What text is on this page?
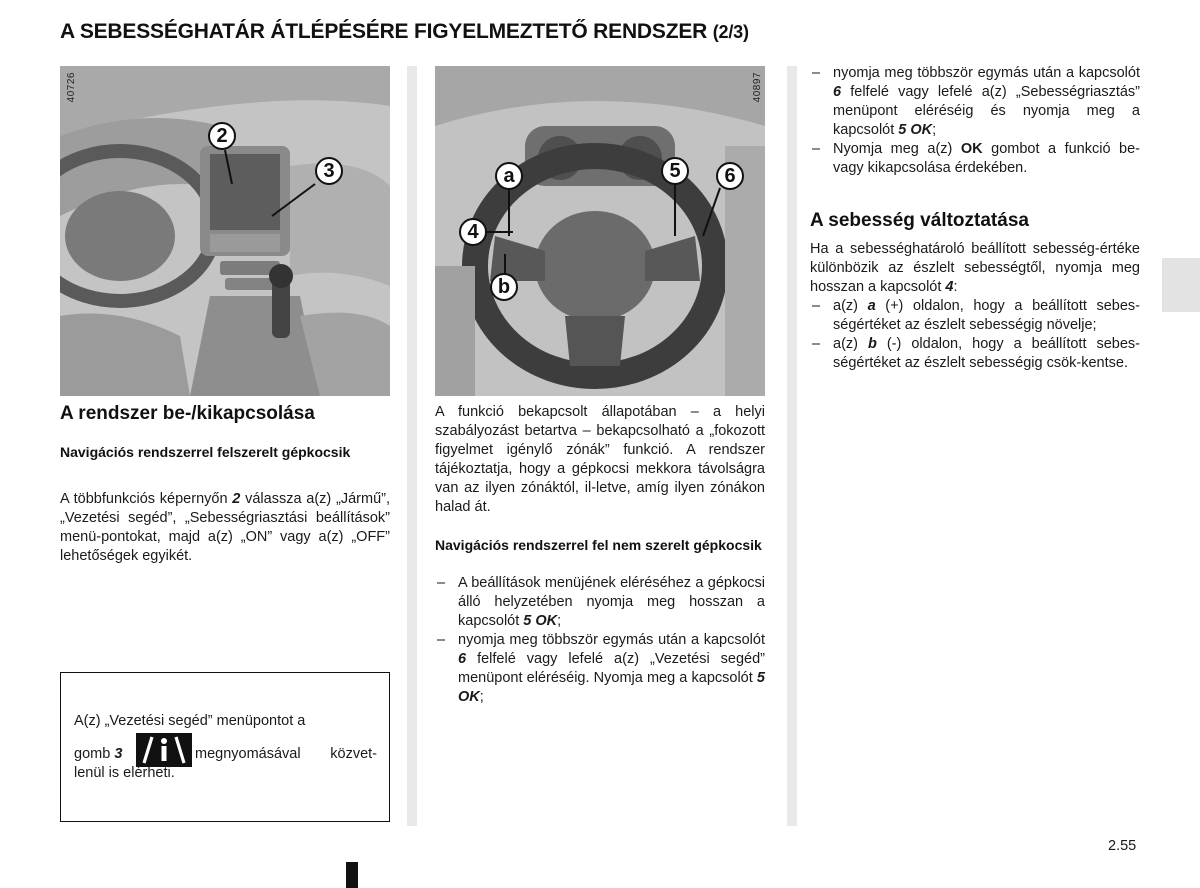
A SEBESSÉGHATÁR ÁTLÉPÉSÉRE FIGYELMEZTETŐ RENDSZER (2/3)
40726
2
3
40897
a
4
b
5	6
A rendszer be-/kikapcsolása
Navigációs rendszerrel felszerelt gépkocsik
A többfunkciós képernyőn 2 válassza a(z) „Jármű”, „Vezetési segéd”, „Sebességriasztási beállítások” menü-pontokat, majd a(z) „ON” vagy a(z) „OFF” lehetőségek egyikét.
A(z) „Vezetési segéd” menüpontot a
gomb 3	megnyomásával közvet-lenül is elérheti.
A funkció bekapcsolt állapotában – a helyi szabályozást betartva – bekapcsolható a „fokozott figyelmet igénylő zónák” funkció. A rendszer tájékoztatja, hogy a gépkocsi mekkora távolságra van az ilyen zónáktól, il-letve, amíg ilyen zónákon halad át.
Navigációs rendszerrel fel nem szerelt gépkocsik
– A beállítások menüjének eléréséhez a gépkocsi álló helyzetében nyomja meg hosszan a kapcsolót 5 OK;
– nyomja meg többször egymás után a kapcsolót 6 felfelé vagy lefelé a(z) „Vezetési segéd” menüpont eléréséig. Nyomja meg a kapcsolót 5 OK;
– nyomja meg többször egymás után a kapcsolót 6 felfelé vagy lefelé a(z) „Sebességriasztás” menüpont eléréséig és nyomja meg a kapcsolót 5 OK;
– Nyomja meg a(z) OK gombot a funkció be- vagy kikapcsolása érdekében.
A sebesség változtatása
Ha a sebességhatároló beállított sebesség-értéke különbözik az észlelt sebességtől, nyomja meg hosszan a kapcsolót 4:
– a(z) a (+) oldalon, hogy a beállított sebes-ségértéket az észlelt sebességig növelje;
– a(z) b (-) oldalon, hogy a beállított sebes-ségértéket az észlelt sebességig csök-kentse.
2.55
